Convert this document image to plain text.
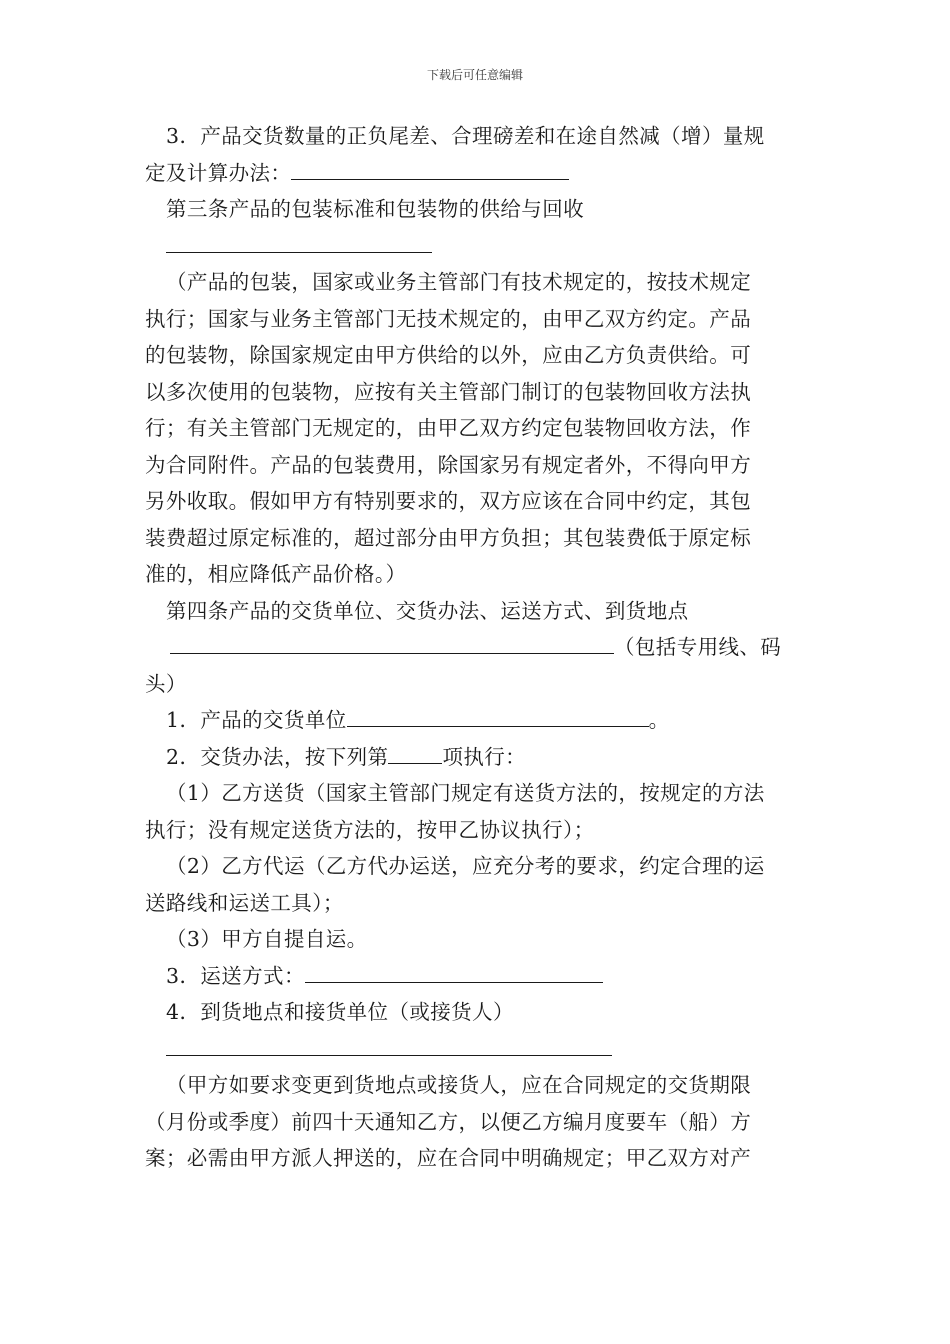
下载后可任意编辑
3．产品交货数量的正负尾差、合理磅差和在途自然减（增）量规
定及计算办法：
第三条产品的包装标准和包装物的供给与回收
（产品的包装，国家或业务主管部门有技术规定的，按技术规定
执行；国家与业务主管部门无技术规定的，由甲乙双方约定。产品
的包装物，除国家规定由甲方供给的以外，应由乙方负责供给。可
以多次使用的包装物，应按有关主管部门制订的包装物回收方法执
行；有关主管部门无规定的，由甲乙双方约定包装物回收方法，作
为合同附件。产品的包装费用，除国家另有规定者外，不得向甲方
另外收取。假如甲方有特别要求的，双方应该在合同中约定，其包
装费超过原定标准的，超过部分由甲方负担；其包装费低于原定标
准的，相应降低产品价格。）
第四条产品的交货单位、交货办法、运送方式、到货地点
（包括专用线、码
头）
1．产品的交货单位	。
2．交货办法，按下列第	项执行：
（1）乙方送货（国家主管部门规定有送货方法的，按规定的方法
执行；没有规定送货方法的，按甲乙协议执行）；
（2）乙方代运（乙方代办运送，应充分考的要求，约定合理的运
送路线和运送工具）；
（3）甲方自提自运。
3．运送方式：
4．到货地点和接货单位（或接货人）
（甲方如要求变更到货地点或接货人，应在合同规定的交货期限
（月份或季度）前四十天通知乙方，以便乙方编月度要车（船）方
案；必需由甲方派人押送的，应在合同中明确规定；甲乙双方对产
